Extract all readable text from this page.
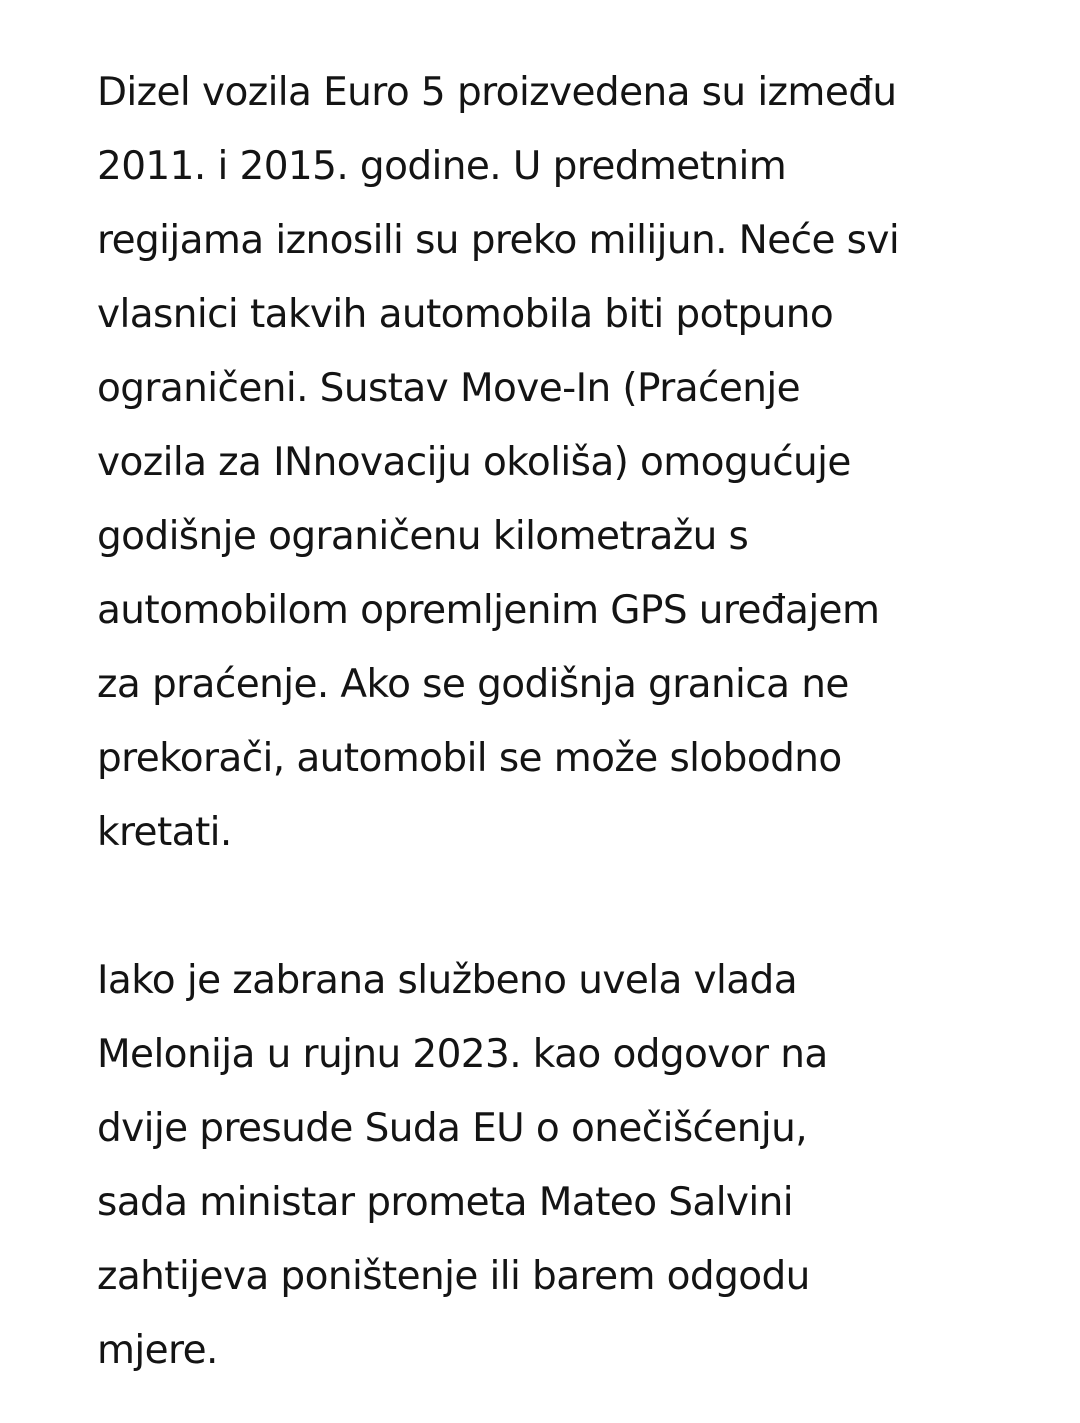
Dizel vozila Euro 5 proizvedena su između
2011. i 2015. godine. U predmetnim
regijama iznosili su preko milijun. Neće svi
vlasnici takvih automobila biti potpuno
ograničeni. Sustav Move-In (Praćenje
vozila za INnovaciju okoliša) omogućuje
godišnje ograničenu kilometražu s
automobilom opremljenim GPS uređajem
za praćenje. Ako se godišnja granica ne
prekorači, automobil se može slobodno
kretati.

Iako je zabrana službeno uvela vlada
Melonija u rujnu 2023. kao odgovor na
dvije presude Suda EU o onečišćenju,
sada ministar prometa Mateo Salvini
zahtijeva poništenje ili barem odgodu
mjere.
